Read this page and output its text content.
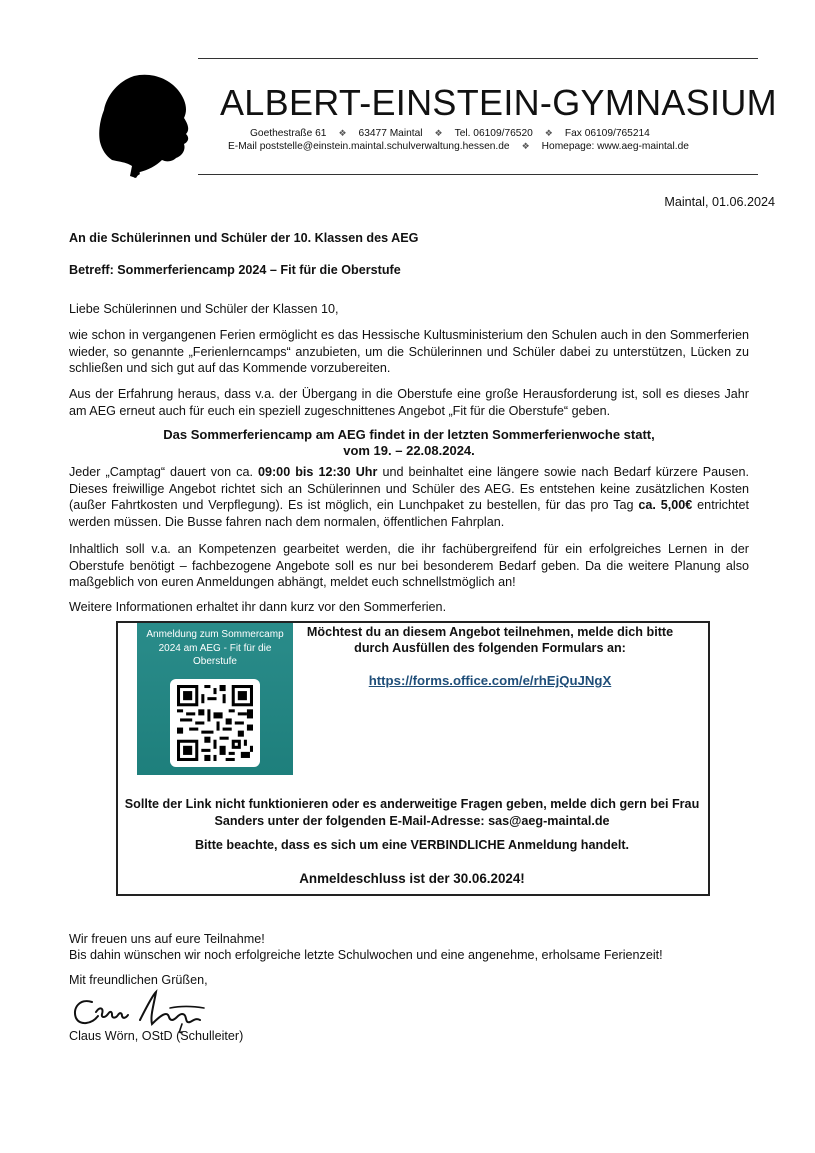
ALBERT-EINSTEIN-GYMNASIUM
Goethestraße 61 ❖ 63477 Maintal ❖ Tel. 06109/76520 ❖ Fax 06109/765214
E-Mail poststelle@einstein.maintal.schulverwaltung.hessen.de ❖ Homepage: www.aeg-maintal.de
Maintal, 01.06.2024
An die Schülerinnen und Schüler der 10. Klassen des AEG
Betreff: Sommerferiencamp 2024 – Fit für die Oberstufe
Liebe Schülerinnen und Schüler der Klassen 10,
wie schon in vergangenen Ferien ermöglicht es das Hessische Kultusministerium den Schulen auch in den Sommerferien wieder, so genannte „Ferienlerncamps“ anzubieten, um die Schülerinnen und Schüler dabei zu unterstützen, Lücken zu schließen und sich gut auf das Kommende vorzubereiten.
Aus der Erfahrung heraus, dass v.a. der Übergang in die Oberstufe eine große Herausforderung ist, soll es dieses Jahr am AEG erneut auch für euch ein speziell zugeschnittenes Angebot „Fit für die Oberstufe“ geben.
Das Sommerferiencamp am AEG findet in der letzten Sommerferienwoche statt,
vom 19. – 22.08.2024.
Jeder „Camptag“ dauert von ca. 09:00 bis 12:30 Uhr und beinhaltet eine längere sowie nach Bedarf kürzere Pausen. Dieses freiwillige Angebot richtet sich an Schülerinnen und Schüler des AEG. Es entstehen keine zusätzlichen Kosten (außer Fahrtkosten und Verpflegung). Es ist möglich, ein Lunchpaket zu bestellen, für das pro Tag ca. 5,00€ entrichtet werden müssen. Die Busse fahren nach dem normalen, öffentlichen Fahrplan.
Inhaltlich soll v.a. an Kompetenzen gearbeitet werden, die ihr fachübergreifend für ein erfolgreiches Lernen in der Oberstufe benötigt – fachbezogene Angebote soll es nur bei besonderem Bedarf geben. Da die weitere Planung also maßgeblich von euren Anmeldungen abhängt, meldet euch schnellstmöglich an!
Weitere Informationen erhaltet ihr dann kurz vor den Sommerferien.
Anmeldung zum Sommercamp 2024 am AEG - Fit für die Oberstufe
Möchtest du an diesem Angebot teilnehmen, melde dich bitte durch Ausfüllen des folgenden Formulars an:
https://forms.office.com/e/rhEjQuJNgX
Sollte der Link nicht funktionieren oder es anderweitige Fragen geben, melde dich gern bei Frau Sanders unter der folgenden E-Mail-Adresse: sas@aeg-maintal.de
Bitte beachte, dass es sich um eine VERBINDLICHE Anmeldung handelt.
Anmeldeschluss ist der 30.06.2024!
Wir freuen uns auf eure Teilnahme!
Bis dahin wünschen wir noch erfolgreiche letzte Schulwochen und eine angenehme, erholsame Ferienzeit!
Mit freundlichen Grüßen,
Claus Wörn, OStD (Schulleiter)
